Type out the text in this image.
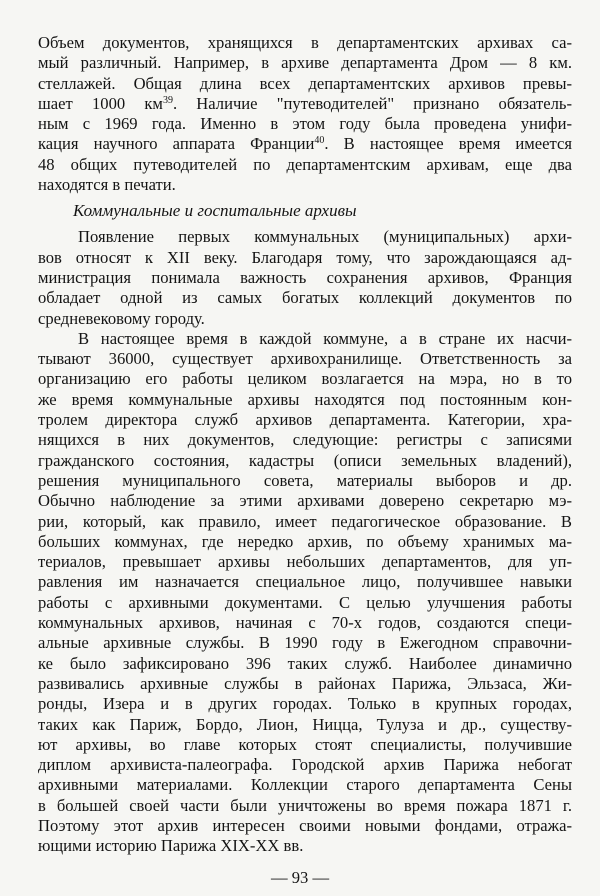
Объем документов, хранящихся в департаментских архивах са-
мый различный. Например, в архиве департамента Дром — 8 км.
стеллажей. Общая длина всех департаментских архивов превы-
шает 1000 $км^{39}$. Наличие "путеводителей" признано обязатель-
ным с 1969 года. Именно в этом году была проведена унифи-
кация научного аппарата Франции$^{40}$. В настоящее время имеется
48 общих путеводителей по департаментским архивам, еще два
находятся в печати.
Коммунальные и госпитальные архивы
Появление первых коммунальных (муниципальных) архи-
вов относят к XII веку. Благодаря тому, что зарождающаяся ад-
министрация понимала важность сохранения архивов, Франция
обладает одной из самых богатых коллекций документов по
средневековому городу.
В настоящее время в каждой коммуне, а в стране их насчи-
тывают 36000, существует архивохранилище. Ответственность за
организацию его работы целиком возлагается на мэра, но в то
же время коммунальные архивы находятся под постоянным кон-
тролем директора служб архивов департамента. Категории, хра-
нящихся в них документов, следующие: регистры с записями
гражданского состояния, кадастры (описи земельных владений),
решения муниципального совета, материалы выборов и др.
Обычно наблюдение за этими архивами доверено секретарю мэ-
рии, который, как правило, имеет педагогическое образование. В
больших коммунах, где нередко архив, по объему хранимых ма-
териалов, превышает архивы небольших департаментов, для уп-
равления им назначается специальное лицо, получившее навыки
работы с архивными документами. С целью улучшения работы
коммунальных архивов, начиная с 70-х годов, создаются специ-
альные архивные службы. В 1990 году в Ежегодном справочни-
ке было зафиксировано 396 таких служб. Наиболее динамично
развивались архивные службы в районах Парижа, Эльзаса, Жи-
ронды, Изера и в других городах. Только в крупных городах,
таких как Париж, Бордо, Лион, Ницца, Тулуза и др., существу-
ют архивы, во главе которых стоят специалисты, получившие
диплом архивиста-палеографа. Городской архив Парижа небогат
архивными материалами. Коллекции старого департамента Сены
в большей своей части были уничтожены во время пожара 1871 г.
Поэтому этот архив интересен своими новыми фондами, отража-
ющими историю Парижа XIX-XX вв.
— 93 —
